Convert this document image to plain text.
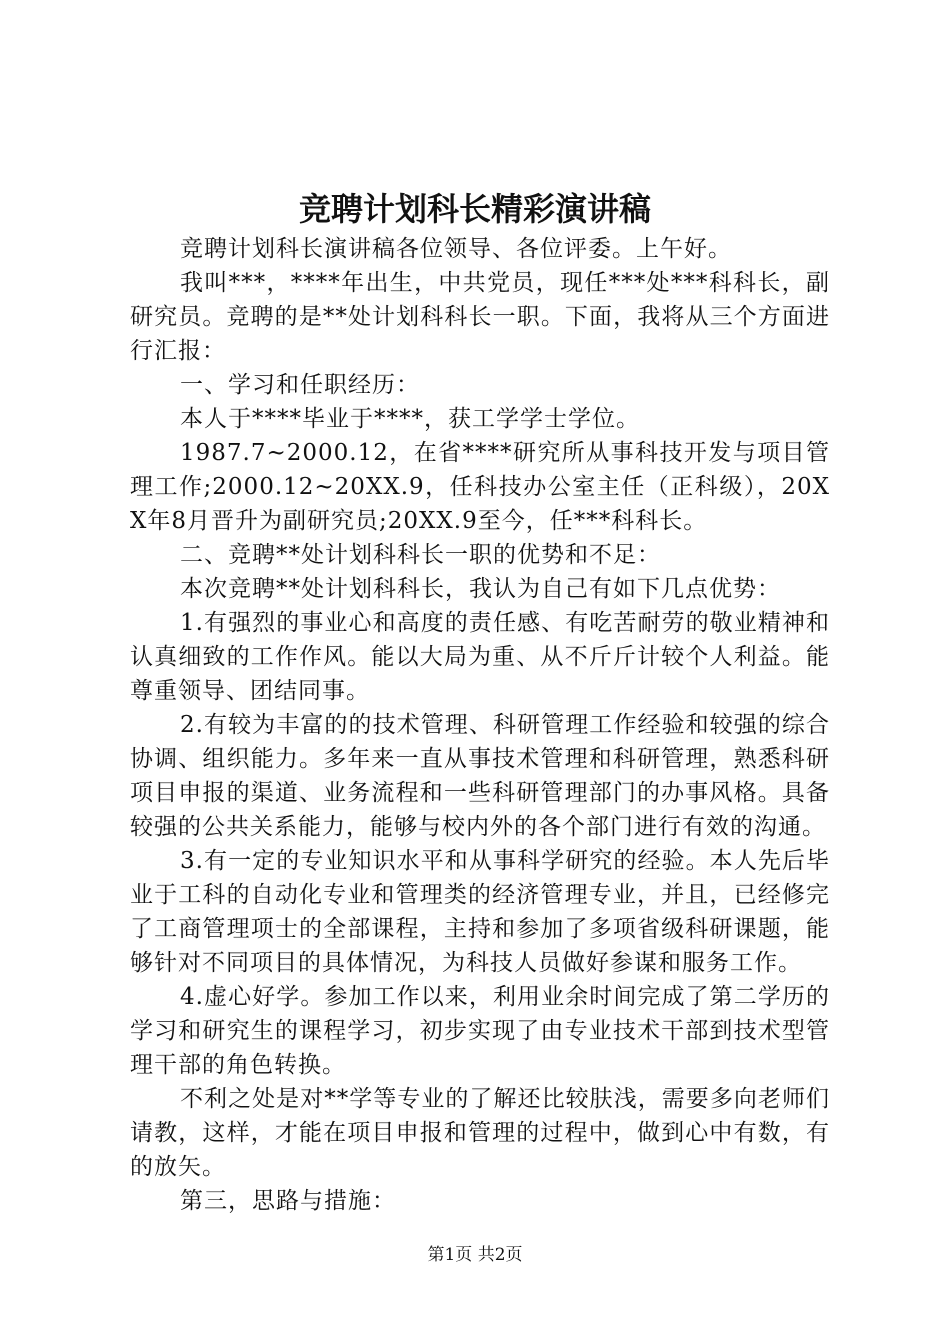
竞聘计划科长精彩演讲稿

竞聘计划科长演讲稿各位领导、各位评委。上午好。

我叫***，****年出生，中共党员，现任***处***科科长，副研究员。竞聘的是**处计划科科长一职。下面，我将从三个方面进行汇报：

一、学习和任职经历：

本人于****毕业于****，获工学学士学位。

1987.7~2000.12，在省****研究所从事科技开发与项目管理工作;2000.12~20XX.9，任科技办公室主任（正科级），20XX年8月晋升为副研究员;20XX.9至今，任***科科长。

二、竞聘**处计划科科长一职的优势和不足：

本次竞聘**处计划科科长，我认为自己有如下几点优势：

1.有强烈的事业心和高度的责任感、有吃苦耐劳的敬业精神和认真细致的工作作风。能以大局为重、从不斤斤计较个人利益。能尊重领导、团结同事。

2.有较为丰富的的技术管理、科研管理工作经验和较强的综合协调、组织能力。多年来一直从事技术管理和科研管理，熟悉科研项目申报的渠道、业务流程和一些科研管理部门的办事风格。具备较强的公共关系能力，能够与校内外的各个部门进行有效的沟通。

3.有一定的专业知识水平和从事科学研究的经验。本人先后毕业于工科的自动化专业和管理类的经济管理专业，并且，已经修完了工商管理项士的全部课程，主持和参加了多项省级科研课题，能够针对不同项目的具体情况，为科技人员做好参谋和服务工作。

4.虚心好学。参加工作以来，利用业余时间完成了第二学历的学习和研究生的课程学习，初步实现了由专业技术干部到技术型管理干部的角色转换。

不利之处是对**学等专业的了解还比较肤浅，需要多向老师们请教，这样，才能在项目申报和管理的过程中，做到心中有数，有的放矢。

第三，思路与措施：

第1页 共2页
